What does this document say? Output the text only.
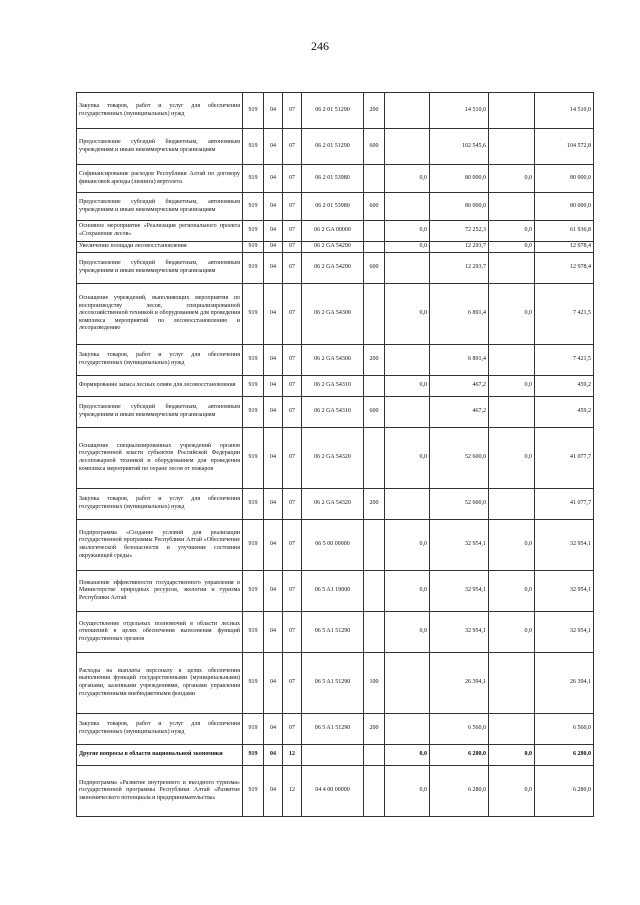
246
Закупка товаров, работ и услуг для обеспечения государственных (муниципальных) нужд	919	04	07	06 2 01 51290	200		14 510,0		14 510,0
Предоставление субсидий бюджетным, автономным учреждениям и иным некоммерческим организациям	919	04	07	06 2 01 51290	600		102 545,6		104 572,8
Софинансирование расходов Республики Алтай по договору финансовой аренды (лизинга) вертолета	919	04	07	06 2 01 53980		0,0	80 000,0	0,0	80 000,0
Предоставление субсидий бюджетным, автономным учреждениям и иным некоммерческим организациям	919	04	07	06 2 01 53980	600		80 000,0		80 000,0
Основное мероприятие «Реализация регионального проекта «Сохранение лесов»	919	04	07	06 2 GA 00000		0,0	72 252,3	0,0	61 936,8
Увеличение площади лесовосстановления	919	04	07	06 2 GA 54290		0,0	12 293,7	0,0	12 978,4
Предоставление субсидий бюджетным, автономным учреждениям и иным некоммерческим организациям	919	04	07	06 2 GA 54290	600		12 293,7		12 978,4
Оснащение учреждений, выполняющих мероприятия по воспроизводству лесов, специализированной лесохозяйственной техникой и оборудованием для проведения комплекса мероприятий по лесовосстановлению и лесоразведению	919	04	07	06 2 GA 54300		0,0	6 891,4	0,0	7 421,5
Закупка товаров, работ и услуг для обеспечения государственных (муниципальных) нужд	919	04	07	06 2 GA 54300	200		6 891,4		7 421,5
Формирование запаса лесных семян для лесовосстановления	919	04	07	06 2 GA 54310		0,0	467,2	0,0	459,2
Предоставление субсидий бюджетным, автономным учреждениям и иным некоммерческим организациям	919	04	07	06 2 GA 54310	600		467,2		459,2
Оснащение специализированных учреждений органов государственной власти субъектов Российской Федерации лесопожарной техникой и оборудованием для проведения комплекса мероприятий по охране лесов от пожаров	919	04	07	06 2 GA 54320		0,0	52 600,0	0,0	41 077,7
Закупка товаров, работ и услуг для обеспечения государственных (муниципальных) нужд	919	04	07	06 2 GA 54320	200		52 600,0		41 077,7
Подпрограмма «Создание условий для реализации государственной программы Республики Алтай «Обеспечение экологической безопасности и улучшение состояния окружающей среды»	919	04	07	06 5 00 00000		0,0	32 954,1	0,0	32 954,1
Повышение эффективности государственного управления в Министерстве природных ресурсов, экологии и туризма Республики Алтай	919	04	07	06 5 A1 19000		0,0	32 954,1	0,0	32 954,1
Осуществление отдельных полномочий в области лесных отношений в целях обеспечения выполнения функций государственных органов	919	04	07	06 5 A1 51290		0,0	32 954,1	0,0	32 954,1
Расходы на выплаты персоналу в целях обеспечения выполнения функций государственными (муниципальными) органами, казенными учреждениями, органами управления государственными внебюджетными фондами	919	04	07	06 5 A1 51290	100		26 394,1		26 394,1
Закупка товаров, работ и услуг для обеспечения государственных (муниципальных) нужд	919	04	07	06 5 A1 51290	200		6 560,0		6 560,0
Другие вопросы в области национальной экономики	919	04	12			0,0	6 280,0	0,0	6 280,0
Подпрограмма «Развитие внутреннего и въездного туризма» государственной программы Республики Алтай «Развитие экономического потенциала и предпринимательства»	919	04	12	04 4 00 00000		0,0	6 280,0	0,0	6 280,0
